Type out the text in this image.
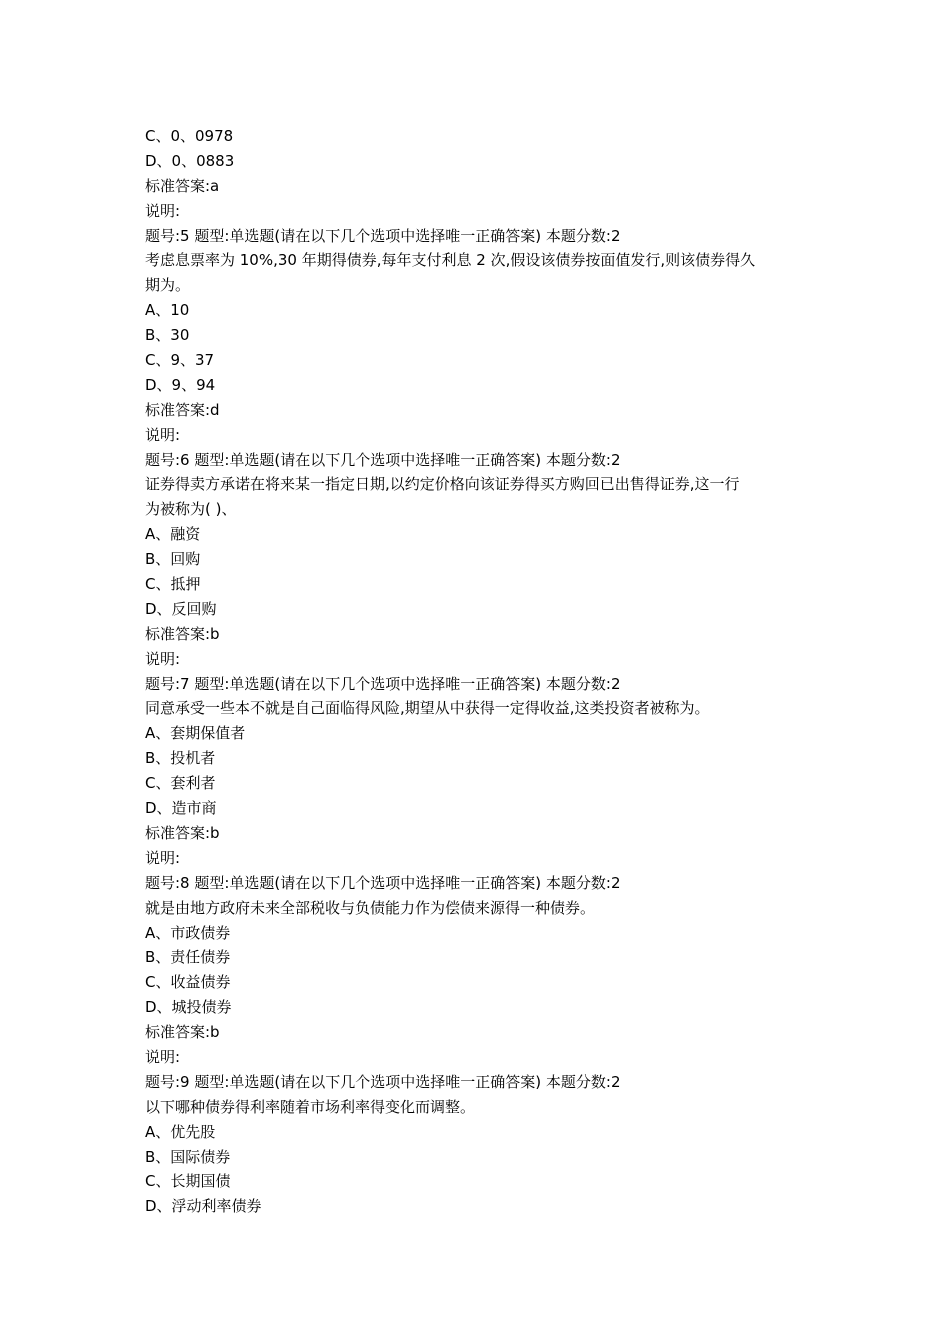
C、0、0978
D、0、0883
标准答案:a
说明:
题号:5 题型:单选题(请在以下几个选项中选择唯一正确答案) 本题分数:2
考虑息票率为 10%,30 年期得债券,每年支付利息 2 次,假设该债券按面值发行,则该债券得久
期为。
A、10
B、30
C、9、37
D、9、94
标准答案:d
说明:
题号:6 题型:单选题(请在以下几个选项中选择唯一正确答案) 本题分数:2
证券得卖方承诺在将来某一指定日期,以约定价格向该证券得买方购回已出售得证券,这一行
为被称为( )、
A、融资
B、回购
C、抵押
D、反回购
标准答案:b
说明:
题号:7 题型:单选题(请在以下几个选项中选择唯一正确答案) 本题分数:2
同意承受一些本不就是自己面临得风险,期望从中获得一定得收益,这类投资者被称为。
A、套期保值者
B、投机者
C、套利者
D、造市商
标准答案:b
说明:
题号:8 题型:单选题(请在以下几个选项中选择唯一正确答案) 本题分数:2
就是由地方政府未来全部税收与负债能力作为偿债来源得一种债券。
A、市政债券
B、责任债券
C、收益债券
D、城投债券
标准答案:b
说明:
题号:9 题型:单选题(请在以下几个选项中选择唯一正确答案) 本题分数:2
以下哪种债券得利率随着市场利率得变化而调整。
A、优先股
B、国际债券
C、长期国债
D、浮动利率债券
